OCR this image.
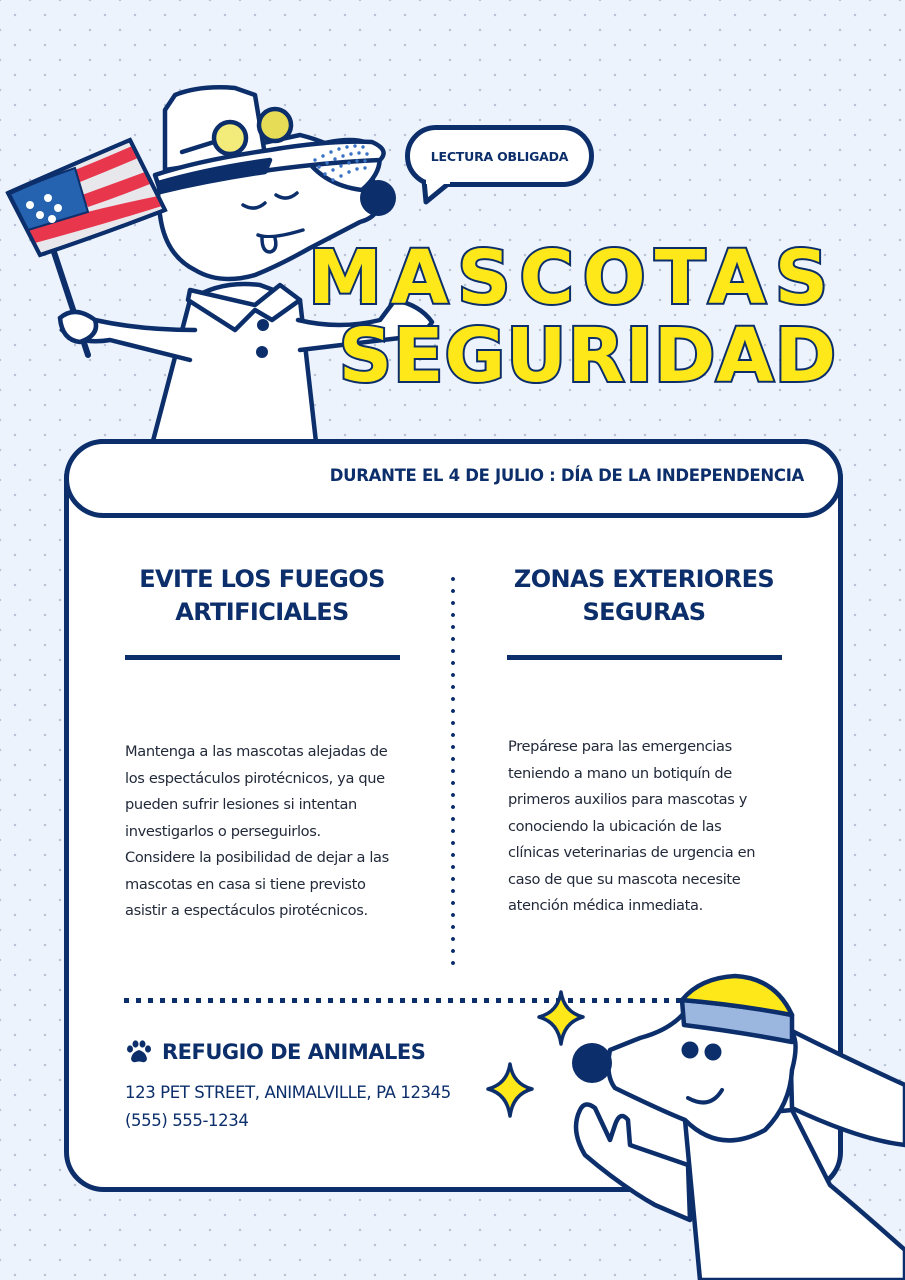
LECTURA OBLIGADA
MASCOTAS
SEGURIDAD
DURANTE EL 4 DE JULIO : DÍA DE LA INDEPENDENCIA
EVITE LOS FUEGOS
ARTIFICIALES
Mantenga a las mascotas alejadas de
los espectáculos pirotécnicos, ya que
pueden sufrir lesiones si intentan
investigarlos o perseguirlos.
Considere la posibilidad de dejar a las
mascotas en casa si tiene previsto
asistir a espectáculos pirotécnicos.
ZONAS EXTERIORES
SEGURAS
Prepárese para las emergencias
teniendo a mano un botiquín de
primeros auxilios para mascotas y
conociendo la ubicación de las
clínicas veterinarias de urgencia en
caso de que su mascota necesite
atención médica inmediata.
REFUGIO DE ANIMALES
123 PET STREET, ANIMALVILLE, PA 12345
(555) 555-1234
